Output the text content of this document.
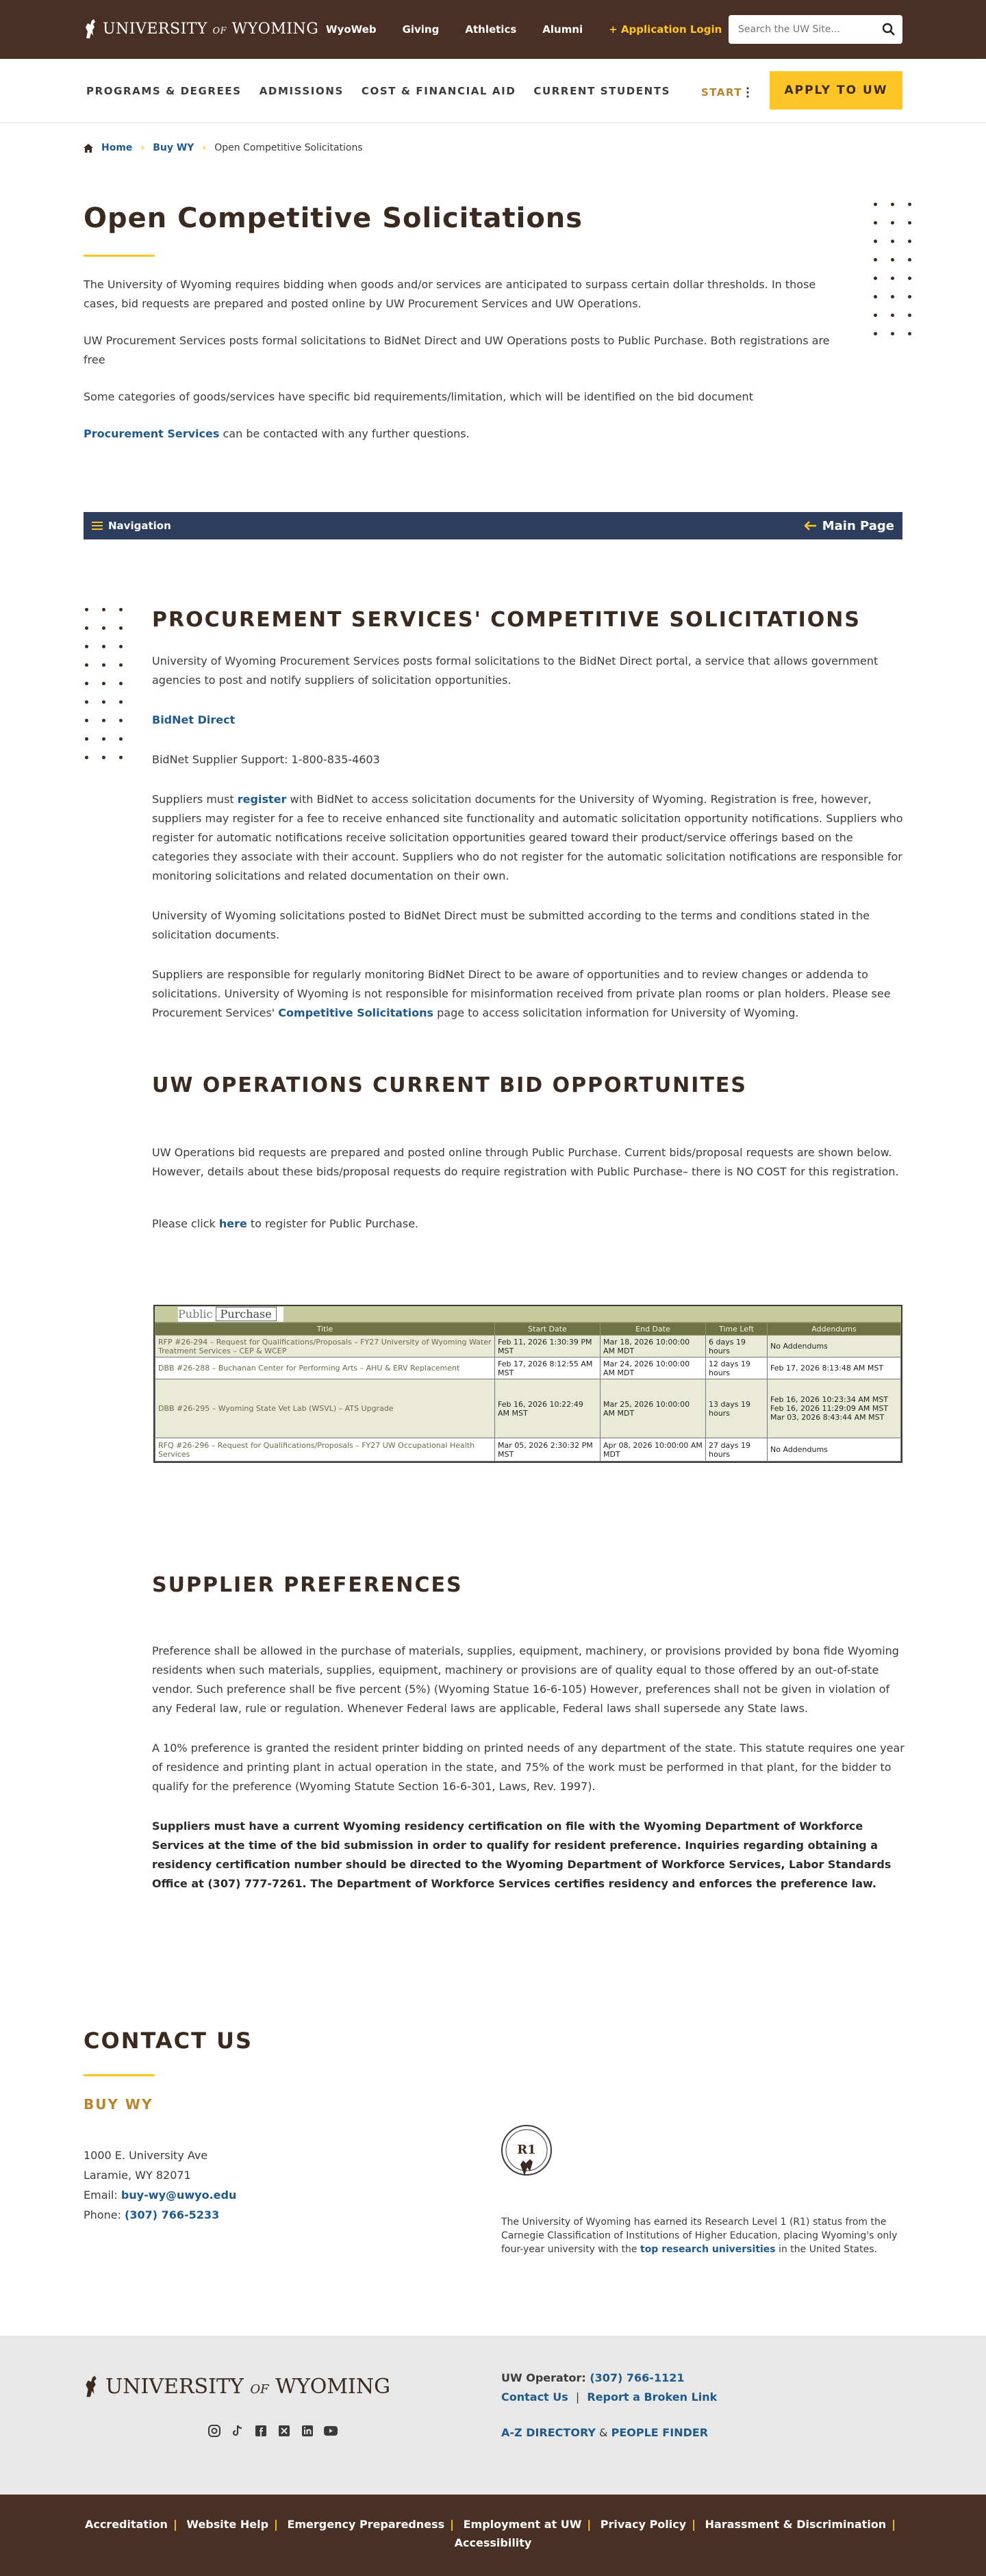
UNIVERSITY OF WYOMING WyoWeb	Giving	Athletics	Alumni	+ Application Login
Search the UW Site...
PROGRAMS & DEGREES ADMISSIONS COST & FINANCIAL AID CURRENT STUDENTS	START	APPLY TO UW
Home › Buy WY › Open Competitive Solicitations
Open Competitive Solicitations

The University of Wyoming requires bidding when goods and/or services are anticipated to surpass certain dollar thresholds. In those cases, bid requests are prepared and posted online by UW Procurement Services and UW Operations.

UW Procurement Services posts formal solicitations to BidNet Direct and UW Operations posts to Public Purchase. Both registrations are free

Some categories of goods/services have specific bid requirements/limitation, which will be identified on the bid document

Procurement Services can be contacted with any further questions.

Navigation	Main Page
PROCUREMENT SERVICES' COMPETITIVE SOLICITATIONS

University of Wyoming Procurement Services posts formal solicitations to the BidNet Direct portal, a service that allows government agencies to post and notify suppliers of solicitation opportunities.

BidNet Direct

BidNet Supplier Support: 1-800-835-4603

Suppliers must register with BidNet to access solicitation documents for the University of Wyoming. Registration is free, however, suppliers may register for a fee to receive enhanced site functionality and automatic solicitation opportunity notifications. Suppliers who register for automatic notifications receive solicitation opportunities geared toward their product/service offerings based on the categories they associate with their account. Suppliers who do not register for the automatic solicitation notifications are responsible for monitoring solicitations and related documentation on their own.

University of Wyoming solicitations posted to BidNet Direct must be submitted according to the terms and conditions stated in the solicitation documents.

Suppliers are responsible for regularly monitoring BidNet Direct to be aware of opportunities and to review changes or addenda to solicitations. University of Wyoming is not responsible for misinformation received from private plan rooms or plan holders. Please see Procurement Services' Competitive Solicitations page to access solicitation information for University of Wyoming.

UW OPERATIONS CURRENT BID OPPORTUNITES

UW Operations bid requests are prepared and posted online through Public Purchase. Current bids/proposal requests are shown below. However, details about these bids/proposal requests do require registration with Public Purchase– there is NO COST for this registration.

Please click here to register for Public Purchase.

Public Purchase
Title	Start Date	End Date	Time Left	Addendums
RFP #26-294 – Request for Qualifications/Proposals – FY27 University of Wyoming Water Treatment Services – CEP & WCEP	Feb 11, 2026 1:30:39 PM MST	Mar 18, 2026 10:00:00 AM MDT	6 days 19 hours	No Addendums
DBB #26-288 – Buchanan Center for Performing Arts – AHU & ERV Replacement	Feb 17, 2026 8:12:55 AM MST	Mar 24, 2026 10:00:00 AM MDT	12 days 19 hours	Feb 17, 2026 8:13:48 AM MST
DBB #26-295 – Wyoming State Vet Lab (WSVL) – ATS Upgrade	Feb 16, 2026 10:22:49 AM MST	Mar 25, 2026 10:00:00 AM MDT	13 days 19 hours	Feb 16, 2026 10:23:34 AM MST
Feb 16, 2026 11:29:09 AM MST
Mar 03, 2026 8:43:44 AM MST
RFQ #26-296 – Request for Qualifications/Proposals – FY27 UW Occupational Health Services	Mar 05, 2026 2:30:32 PM MST	Apr 08, 2026 10:00:00 AM MDT	27 days 19 hours	No Addendums
SUPPLIER PREFERENCES

Preference shall be allowed in the purchase of materials, supplies, equipment, machinery, or provisions provided by bona fide Wyoming residents when such materials, supplies, equipment, machinery or provisions are of quality equal to those offered by an out-of-state vendor. Such preference shall be five percent (5%) (Wyoming Statue 16-6-105) However, preferences shall not be given in violation of any Federal law, rule or regulation. Whenever Federal laws are applicable, Federal laws shall supersede any State laws.

A 10% preference is granted the resident printer bidding on printed needs of any department of the state. This statute requires one year of residence and printing plant in actual operation in the state, and 75% of the work must be performed in that plant, for the bidder to qualify for the preference (Wyoming Statute Section 16-6-301, Laws, Rev. 1997).

Suppliers must have a current Wyoming residency certification on file with the Wyoming Department of Workforce Services at the time of the bid submission in order to qualify for resident preference. Inquiries regarding obtaining a residency certification number should be directed to the Wyoming Department of Workforce Services, Labor Standards Office at (307) 777-7261. The Department of Workforce Services certifies residency and enforces the preference law.

CONTACT US
BUY WY
1000 E. University Ave
Laramie, WY 82071
Email: buy-wy@uwyo.edu
Phone: (307) 766-5233
R1
The University of Wyoming has earned its Research Level 1 (R1) status from the Carnegie Classification of Institutions of Higher Education, placing Wyoming's only four-year university with the top research universities in the United States.
UNIVERSITY OF WYOMING	UW Operator: (307) 766-1121
Contact Us | Report a Broken Link
A-Z DIRECTORY & PEOPLE FINDER
Accreditation | Website Help | Emergency Preparedness | Employment at UW | Privacy Policy | Harassment & Discrimination |
Accessibility
